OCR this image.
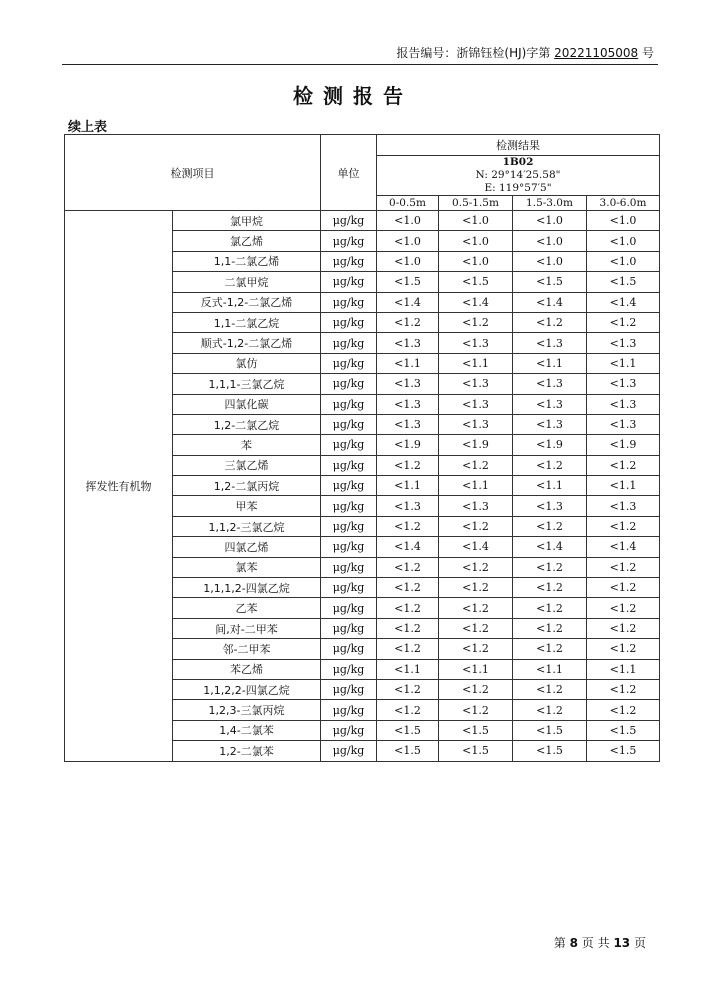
报告编号：浙锦钰检(HJ)字第 20221105008 号
检测报告
续上表
检测项目		单位	检测结果			

			1B02
N: 29°14′25.58"
E: 119°57′5"			

			0-0.5m	0.5-1.5m	1.5-3.0m	3.0-6.0m
挥发性有机物	氯甲烷	μg/kg	<1.0	<1.0	<1.0	<1.0
	氯乙烯	μg/kg	<1.0	<1.0	<1.0	<1.0
	1,1-二氯乙烯	μg/kg	<1.0	<1.0	<1.0	<1.0
	二氯甲烷	μg/kg	<1.5	<1.5	<1.5	<1.5
	反式-1,2-二氯乙烯	μg/kg	<1.4	<1.4	<1.4	<1.4
	1,1-二氯乙烷	μg/kg	<1.2	<1.2	<1.2	<1.2
	顺式-1,2-二氯乙烯	μg/kg	<1.3	<1.3	<1.3	<1.3
	氯仿	μg/kg	<1.1	<1.1	<1.1	<1.1
	1,1,1-三氯乙烷	μg/kg	<1.3	<1.3	<1.3	<1.3
	四氯化碳	μg/kg	<1.3	<1.3	<1.3	<1.3
	1,2-二氯乙烷	μg/kg	<1.3	<1.3	<1.3	<1.3
	苯	μg/kg	<1.9	<1.9	<1.9	<1.9
	三氯乙烯	μg/kg	<1.2	<1.2	<1.2	<1.2
	1,2-二氯丙烷	μg/kg	<1.1	<1.1	<1.1	<1.1
	甲苯	μg/kg	<1.3	<1.3	<1.3	<1.3
	1,1,2-三氯乙烷	μg/kg	<1.2	<1.2	<1.2	<1.2
	四氯乙烯	μg/kg	<1.4	<1.4	<1.4	<1.4
	氯苯	μg/kg	<1.2	<1.2	<1.2	<1.2
	1,1,1,2-四氯乙烷	μg/kg	<1.2	<1.2	<1.2	<1.2
	乙苯	μg/kg	<1.2	<1.2	<1.2	<1.2
	间,对-二甲苯	μg/kg	<1.2	<1.2	<1.2	<1.2
	邻-二甲苯	μg/kg	<1.2	<1.2	<1.2	<1.2
	苯乙烯	μg/kg	<1.1	<1.1	<1.1	<1.1
	1,1,2,2-四氯乙烷	μg/kg	<1.2	<1.2	<1.2	<1.2
	1,2,3-三氯丙烷	μg/kg	<1.2	<1.2	<1.2	<1.2
	1,4-二氯苯	μg/kg	<1.5	<1.5	<1.5	<1.5
	1,2-二氯苯	μg/kg	<1.5	<1.5	<1.5	<1.5
第 8 页 共 13 页
